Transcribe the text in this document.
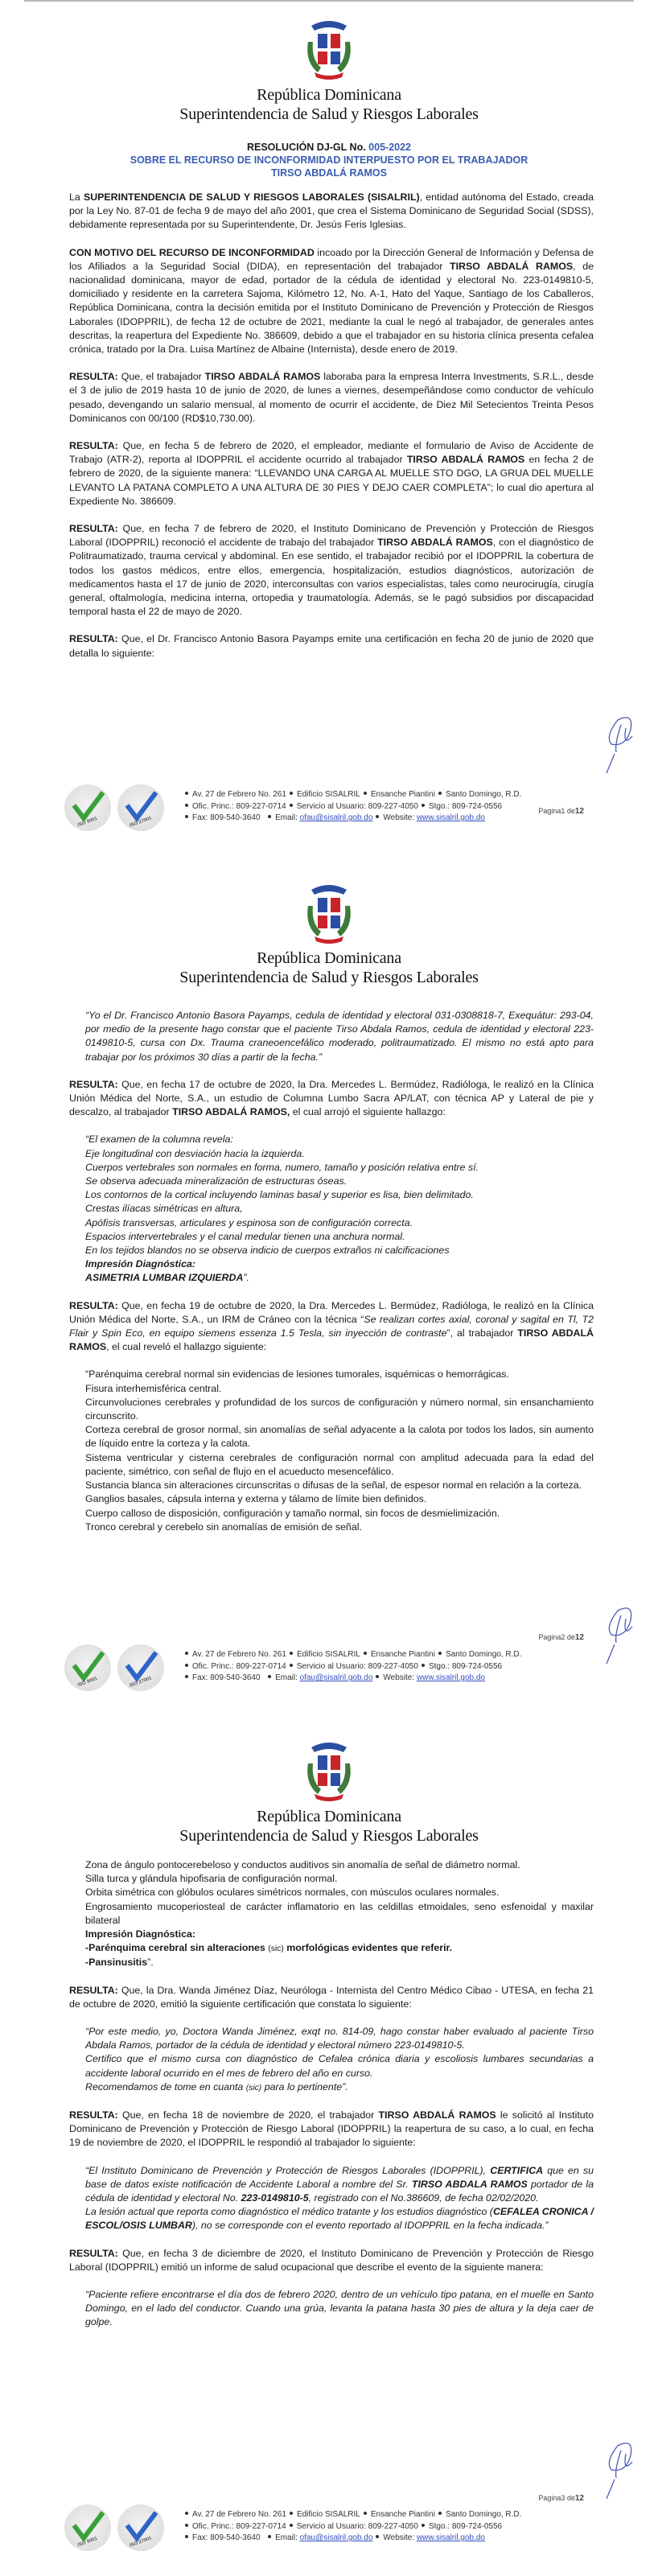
República Dominicana
Superintendencia de Salud y Riesgos Laborales
RESOLUCIÓN DJ-GL No. 005-2022
SOBRE EL RECURSO DE INCONFORMIDAD INTERPUESTO POR EL TRABAJADOR
TIRSO ABDALÁ RAMOS

La SUPERINTENDENCIA DE SALUD Y RIESGOS LABORALES (SISALRIL), entidad autónoma del Estado, creada por la Ley No. 87-01 de fecha 9 de mayo del año 2001, que crea el Sistema Dominicano de Seguridad Social (SDSS), debidamente representada por su Superintendente, Dr. Jesús Feris Iglesias.

CON MOTIVO DEL RECURSO DE INCONFORMIDAD incoado por la Dirección General de Información y Defensa de los Afiliados a la Seguridad Social (DIDA), en representación del trabajador TIRSO ABDALÁ RAMOS, de nacionalidad dominicana, mayor de edad, portador de la cédula de identidad y electoral No. 223-0149810-5, domiciliado y residente en la carretera Sajoma, Kilómetro 12, No. A-1, Hato del Yaque, Santiago de los Caballeros, República Dominicana, contra la decisión emitida por el Instituto Dominicano de Prevención y Protección de Riesgos Laborales (IDOPPRIL), de fecha 12 de octubre de 2021, mediante la cual le negó al trabajador, de generales antes descritas, la reapertura del Expediente No. 386609, debido a que el trabajador en su historia clínica presenta cefalea crónica, tratado por la Dra. Luisa Martínez de Albaine (Internista), desde enero de 2019.

RESULTA: Que, el trabajador TIRSO ABDALÁ RAMOS laboraba para la empresa Interra Investments, S.R.L., desde el 3 de julio de 2019 hasta 10 de junio de 2020, de lunes a viernes, desempeñándose como conductor de vehículo pesado, devengando un salario mensual, al momento de ocurrir el accidente, de Diez Mil Setecientos Treinta Pesos Dominicanos con 00/100 (RD$10,730.00).

RESULTA: Que, en fecha 5 de febrero de 2020, el empleador, mediante el formulario de Aviso de Accidente de Trabajo (ATR-2), reporta al IDOPPRIL el accidente ocurrido al trabajador TIRSO ABDALÁ RAMOS en fecha 2 de febrero de 2020, de la siguiente manera: “LLEVANDO UNA CARGA AL MUELLE STO DGO, LA GRUA DEL MUELLE LEVANTO LA PATANA COMPLETO A UNA ALTURA DE 30 PIES Y DEJO CAER COMPLETA”; lo cual dio apertura al Expediente No. 386609.

RESULTA: Que, en fecha 7 de febrero de 2020, el Instituto Dominicano de Prevención y Protección de Riesgos Laboral (IDOPPRIL) reconoció el accidente de trabajo del trabajador TIRSO ABDALÁ RAMOS, con el diagnóstico de Politraumatizado, trauma cervical y abdominal. En ese sentido, el trabajador recibió por el IDOPPRIL la cobertura de todos los gastos médicos, entre ellos, emergencia, hospitalización, estudios diagnósticos, autorización de medicamentos hasta el 17 de junio de 2020, interconsultas con varios especialistas, tales como neurocirugía, cirugía general, oftalmología, medicina interna, ortopedia y traumatología. Además, se le pagó subsidios por discapacidad temporal hasta el 22 de mayo de 2020.

RESULTA: Que, el Dr. Francisco Antonio Basora Payamps emite una certificación en fecha 20 de junio de 2020 que detalla lo siguiente:

Pagina1 de12
ISO 9001	ISO 27001
Av. 27 de Febrero No. 261 Edificio SISALRIL Ensanche Piantini Santo Domingo, R.D.
Ofic. Princ.: 809-227-0714 Servicio al Usuario: 809-227-4050 Stgo.: 809-724-0556
Fax: 809-540-3640 Email: ofau@sisalril.gob.do Website: www.sisalril.gob.do
República Dominicana
Superintendencia de Salud y Riesgos Laborales
“Yo el Dr. Francisco Antonio Basora Payamps, cedula de identidad y electoral 031-0308818-7, Exequátur: 293-04, por medio de la presente hago constar que el paciente Tirso Abdala Ramos, cedula de identidad y electoral 223-0149810-5, cursa con Dx. Trauma craneoencefálico moderado, politraumatizado. El mismo no está apto para trabajar por los próximos 30 días a partir de la fecha.”

RESULTA: Que, en fecha 17 de octubre de 2020, la Dra. Mercedes L. Bermúdez, Radióloga, le realizó en la Clínica Unión Médica del Norte, S.A., un estudio de Columna Lumbo Sacra AP/LAT, con técnica AP y Lateral de pie y descalzo, al trabajador TIRSO ABDALÁ RAMOS, el cual arrojó el siguiente hallazgo:

“El examen de la columna revela:
Eje longitudinal con desviación hacia la izquierda.
Cuerpos vertebrales son normales en forma, numero, tamaño y posición relativa entre sí.
Se observa adecuada mineralización de estructuras óseas.
Los contornos de la cortical incluyendo laminas basal y superior es lisa, bien delimitado.
Crestas ilíacas simétricas en altura,
Apófisis transversas, articulares y espinosa son de configuración correcta.
Espacios intervertebrales y el canal medular tienen una anchura normal.
En los tejidos blandos no se observa indicio de cuerpos extraños ni calcificaciones
Impresión Diagnóstica:
ASIMETRIA LUMBAR IZQUIERDA”.

RESULTA: Que, en fecha 19 de octubre de 2020, la Dra. Mercedes L. Bermúdez, Radióloga, le realizó en la Clínica Unión Médica del Norte, S.A., un IRM de Cráneo con la técnica “Se realizan cortes axial, coronal y sagital en Tl, T2 Flair y Spin Eco, en equipo siemens essenza 1.5 Tesla, sin inyección de contraste”, al trabajador TIRSO ABDALÁ RAMOS, el cual reveló el hallazgo siguiente:

“Parénquima cerebral normal sin evidencias de lesiones tumorales, isquémicas o hemorrágicas.
Fisura interhemisférica central.
Circunvoluciones cerebrales y profundidad de los surcos de configuración y número normal, sin ensanchamiento circunscrito.
Corteza cerebral de grosor normal, sin anomalías de señal adyacente a la calota por todos los lados, sin aumento de líquido entre la corteza y la calota.
Sistema ventricular y cisterna cerebrales de configuración normal con amplitud adecuada para la edad del paciente, simétrico, con señal de flujo en el acueducto mesencefálico.
Sustancia blanca sin alteraciones circunscritas o difusas de la señal, de espesor normal en relación a la corteza.
Ganglios basales, cápsula interna y externa y tálamo de límite bien definidos.
Cuerpo calloso de disposición, configuración y tamaño normal, sin focos de desmielimización.
Tronco cerebral y cerebelo sin anomalías de emisión de señal.
Pagina2 de12
ISO 9001	ISO 27001
Av. 27 de Febrero No. 261 Edificio SISALRIL Ensanche Piantini Santo Domingo, R.D.
Ofic. Princ.: 809-227-0714 Servicio al Usuario: 809-227-4050 Stgo.: 809-724-0556
Fax: 809-540-3640 Email: ofau@sisalril.gob.do Website: www.sisalril.gob.do
República Dominicana
Superintendencia de Salud y Riesgos Laborales
Zona de ángulo pontocerebeloso y conductos auditivos sin anomalía de señal de diámetro normal.
Silla turca y glándula hipofisaria de configuración normal.
Orbita simétrica con glóbulos oculares simétricos normales, con músculos oculares normales.
Engrosamiento mucoperiosteal de carácter inflamatorio en las celdillas etmoidales, seno esfenoidal y maxilar bilateral
Impresión Diagnóstica:
-Parénquima cerebral sin alteraciones (sic) morfológicas evidentes que referir.
-Pansinusitis”.

RESULTA: Que, la Dra. Wanda Jiménez Díaz, Neuróloga - Internista del Centro Médico Cibao - UTESA, en fecha 21 de octubre de 2020, emitió la siguiente certificación que constata lo siguiente:

“Por este medio, yo, Doctora Wanda Jiménez, exqt no. 814-09, hago constar haber evaluado al paciente Tirso Abdala Ramos, portador de la cédula de identidad y electoral número 223-0149810-5.
Certifico que el mismo cursa con diagnóstico de Cefalea crónica diaria y escoliosis lumbares secundarias a accidente laboral ocurrido en el mes de febrero del año en curso.
Recomendamos de tome en cuanta (sic) para lo pertinente”.

RESULTA: Que, en fecha 18 de noviembre de 2020, el trabajador TIRSO ABDALÁ RAMOS le solicitó al Instituto Dominicano de Prevención y Protección de Riesgo Laboral (IDOPPRIL) la reapertura de su caso, a lo cual, en fecha 19 de noviembre de 2020, el IDOPPRIL le respondió al trabajador lo siguiente:

“El Instituto Dominicano de Prevención y Protección de Riesgos Laborales (IDOPPRIL), CERTIFICA que en su base de datos existe notificación de Accidente Laboral a nombre del Sr. TIRSO ABDALA RAMOS portador de la cédula de identidad y electoral No. 223-0149810-5, registrado con el No.386609, de fecha 02/02/2020.
La lesión actual que reporta como diagnóstico el médico tratante y los estudios diagnóstico (CEFALEA CRONICA / ESCOL/OSIS LUMBAR), no se corresponde con el evento reportado al IDOPPRIL en la fecha indicada.”

RESULTA: Que, en fecha 3 de diciembre de 2020, el Instituto Dominicano de Prevención y Protección de Riesgo Laboral (IDOPPRIL) emitió un informe de salud ocupacional que describe el evento de la siguiente manera:

“Paciente refiere encontrarse el día dos de febrero 2020, dentro de un vehículo tipo patana, en el muelle en Santo Domingo, en el lado del conductor. Cuando una grúa, levanta la patana hasta 30 pies de altura y la deja caer de golpe.
Pagina3 de12
ISO 9001	ISO 27001
Av. 27 de Febrero No. 261 Edificio SISALRIL Ensanche Piantini Santo Domingo, R.D.
Ofic. Princ.: 809-227-0714 Servicio al Usuario: 809-227-4050 Stgo.: 809-724-0556
Fax: 809-540-3640 Email: ofau@sisalril.gob.do Website: www.sisalril.gob.do
